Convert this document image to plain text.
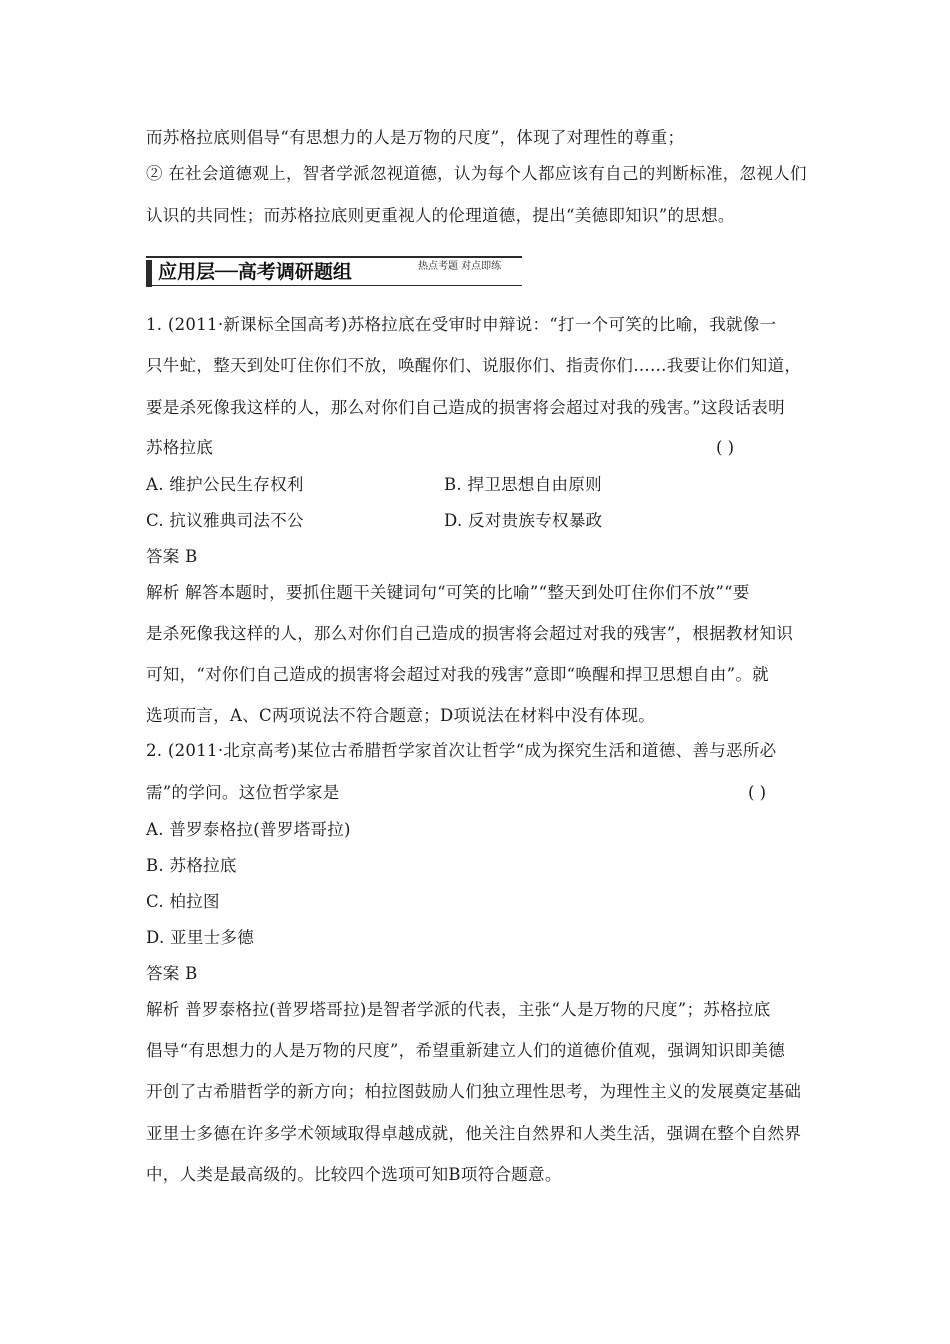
而苏格拉底则倡导“有思想力的人是万物的尺度”，体现了对理性的尊重；
② 在社会道德观上，智者学派忽视道德，认为每个人都应该有自己的判断标准，忽视人们
认识的共同性；而苏格拉底则更重视人的伦理道德，提出“美德即知识”的思想。
应用层──高考调研题组	热点考题 对点即练
1. (2011·新课标全国高考)苏格拉底在受审时申辩说：“打一个可笑的比喻，我就像一
只牛虻，整天到处叮住你们不放，唤醒你们、说服你们、指责你们……我要让你们知道，
要是杀死像我这样的人，那么对你们自己造成的损害将会超过对我的残害。”这段话表明
苏格拉底	( )
A. 维护公民生存权利	B. 捍卫思想自由原则
C. 抗议雅典司法不公	D. 反对贵族专权暴政
答案 B
解析 解答本题时，要抓住题干关键词句“可笑的比喻”“整天到处叮住你们不放”“要
是杀死像我这样的人，那么对你们自己造成的损害将会超过对我的残害”，根据教材知识
可知，“对你们自己造成的损害将会超过对我的残害”意即“唤醒和捍卫思想自由”。就
选项而言，A、C两项说法不符合题意；D项说法在材料中没有体现。
2. (2011·北京高考)某位古希腊哲学家首次让哲学“成为探究生活和道德、善与恶所必
需”的学问。这位哲学家是	( )
A. 普罗泰格拉(普罗塔哥拉)
B. 苏格拉底
C. 柏拉图
D. 亚里士多德
答案 B
解析 普罗泰格拉(普罗塔哥拉)是智者学派的代表，主张“人是万物的尺度”；苏格拉底
倡导“有思想力的人是万物的尺度”，希望重新建立人们的道德价值观，强调知识即美德
开创了古希腊哲学的新方向；柏拉图鼓励人们独立理性思考，为理性主义的发展奠定基础
亚里士多德在许多学术领域取得卓越成就，他关注自然界和人类生活，强调在整个自然界
中，人类是最高级的。比较四个选项可知B项符合题意。
